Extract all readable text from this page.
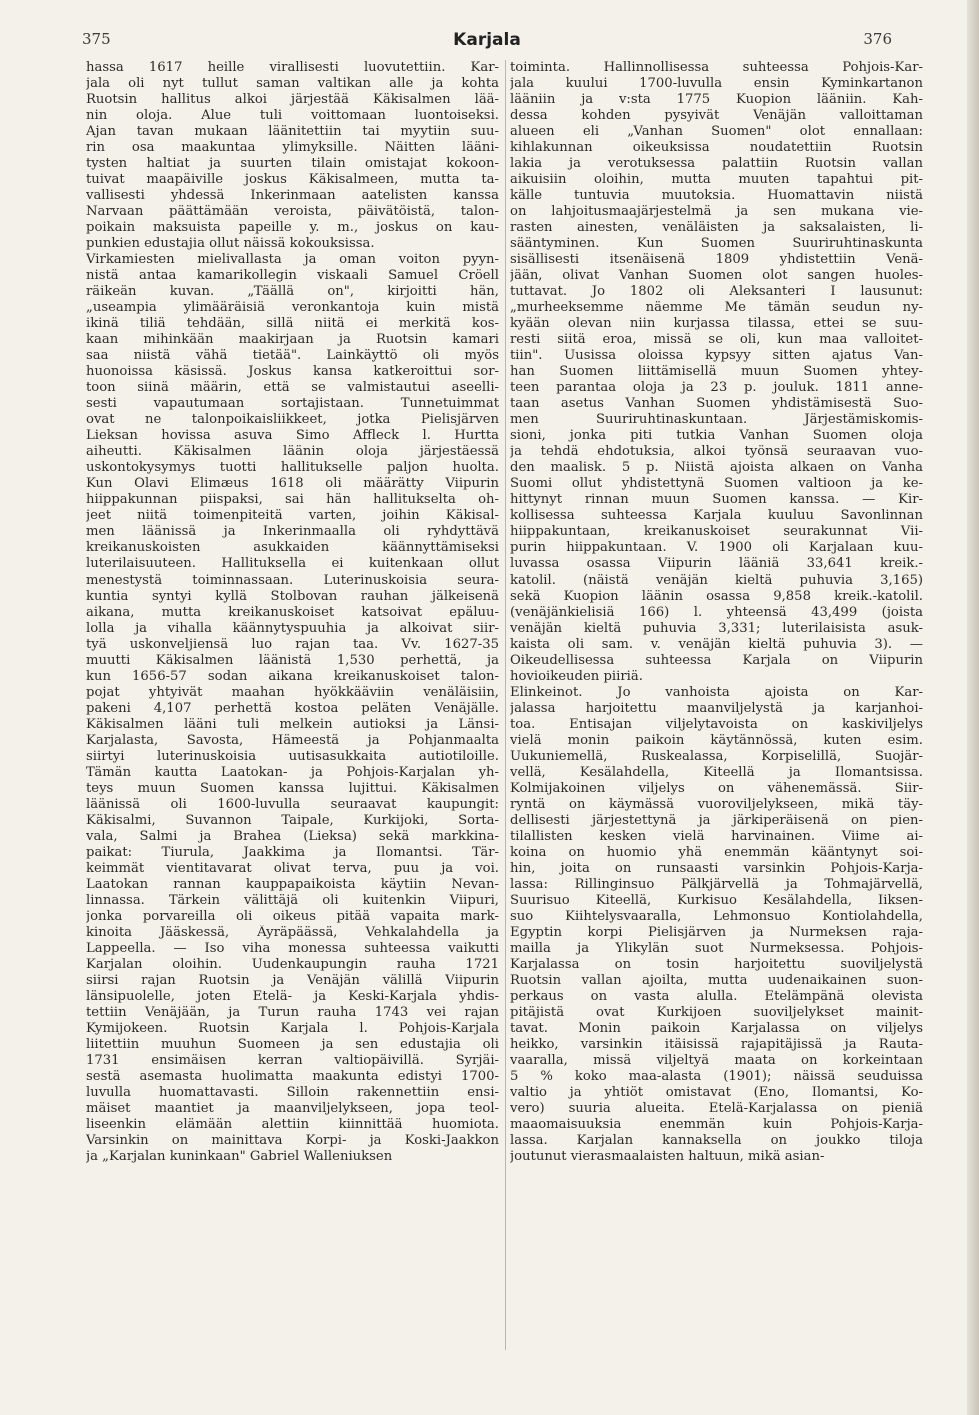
375	Karjala	376
hassa 1617 heille virallisesti luovutettiin. Kar-
jala oli nyt tullut saman valtikan alle ja kohta
Ruotsin hallitus alkoi järjestää Käkisalmen lää-
nin oloja. Alue tuli voittomaan luontoiseksi.
Ajan tavan mukaan läänitettiin tai myytiin suu-
rin osa maakuntaa ylimyksille. Näitten lääni-
tysten haltiat ja suurten tilain omistajat kokoon-
tuivat maapäiville joskus Käkisalmeen, mutta ta-
vallisesti yhdessä Inkerinmaan aatelisten kanssa
Narvaan päättämään veroista, päivätöistä, talon-
poikain maksuista papeille y. m., joskus on kau-
punkien edustajia ollut näissä kokouksissa.
Virkamiesten mielivallasta ja oman voiton pyyn-
nistä antaa kamarikollegin viskaali Samuel Cröell
räikeän kuvan. „Täällä on", kirjoitti hän,
„useampia ylimääräisiä veronkantoja kuin mistä
ikinä tiliä tehdään, sillä niitä ei merkitä kos-
kaan mihinkään maakirjaan ja Ruotsin kamari
saa niistä vähä tietää". Lainkäyttö oli myös
huonoissa käsissä. Joskus kansa katkeroittui sor-
toon siinä määrin, että se valmistautui aseelli-
sesti vapautumaan sortajistaan. Tunnetuimmat
ovat ne talonpoikaisliikkeet, jotka Pielisjärven
Lieksan hovissa asuva Simo Affleck l. Hurtta
aiheutti. Käkisalmen läänin oloja järjestäessä
uskontokysymys tuotti hallitukselle paljon huolta.
Kun Olavi Elimæus 1618 oli määrätty Viipurin
hiippakunnan piispaksi, sai hän hallitukselta oh-
jeet niitä toimenpiteitä varten, joihin Käkisal-
men läänissä ja Inkerinmaalla oli ryhdyttävä
kreikanuskoisten asukkaiden käännyttämiseksi
luterilaisuuteen. Hallituksella ei kuitenkaan ollut
menestystä toiminnassaan. Luterinuskoisia seura-
kuntia syntyi kyllä Stolbovan rauhan jälkeisenä
aikana, mutta kreikanuskoiset katsoivat epäluu-
lolla ja vihalla käännytyspuuhia ja alkoivat siir-
tyä uskonveljiensä luo rajan taa. Vv. 1627-35
muutti Käkisalmen läänistä 1,530 perhettä, ja
kun 1656-57 sodan aikana kreikanuskoiset talon-
pojat yhtyivät maahan hyökkääviin venäläisiin,
pakeni 4,107 perhettä kostoa peläten Venäjälle.
Käkisalmen lääni tuli melkein autioksi ja Länsi-
Karjalasta, Savosta, Hämeestä ja Pohjanmaalta
siirtyi luterinuskoisia uutisasukkaita autiotiloille.
Tämän kautta Laatokan- ja Pohjois-Karjalan yh-
teys muun Suomen kanssa lujittui. Käkisalmen
läänissä oli 1600-luvulla seuraavat kaupungit:
Käkisalmi, Suvannon Taipale, Kurkijoki, Sorta-
vala, Salmi ja Brahea (Lieksa) sekä markkina-
paikat: Tiurula, Jaakkima ja Ilomantsi. Tär-
keimmät vientitavarat olivat terva, puu ja voi.
Laatokan rannan kauppapaikoista käytiin Nevan-
linnassa. Tärkein välittäjä oli kuitenkin Viipuri,
jonka porvareilla oli oikeus pitää vapaita mark-
kinoita Jääskessä, Äyräpäässä, Vehkalahdella ja
Lappeella. — Iso viha monessa suhteessa vaikutti
Karjalan oloihin. Uudenkaupungin rauha 1721
siirsi rajan Ruotsin ja Venäjän välillä Viipurin
länsipuolelle, joten Etelä- ja Keski-Karjala yhdis-
tettiin Venäjään, ja Turun rauha 1743 vei rajan
Kymijokeen. Ruotsin Karjala l. Pohjois-Karjala
liitettiin muuhun Suomeen ja sen edustajia oli
1731 ensimäisen kerran valtiopäivillä. Syrjäi-
sestä asemasta huolimatta maakunta edistyi 1700-
luvulla huomattavasti. Silloin rakennettiin ensi-
mäiset maantiet ja maanviljelykseen, jopa teol-
liseenkin elämään alettiin kiinnittää huomiota.
Varsinkin on mainittava Korpi- ja Koski-Jaakkon
ja „Karjalan kuninkaan" Gabriel Walleniuksen
toiminta. Hallinnollisessa suhteessa Pohjois-Kar-
jala kuului 1700-luvulla ensin Kyminkartanon
lääniin ja v:sta 1775 Kuopion lääniin. Kah-
dessa kohden pysyivät Venäjän valloittaman
alueen eli „Vanhan Suomen" olot ennallaan:
kihlakunnan oikeuksissa noudatettiin Ruotsin
lakia ja verotuksessa palattiin Ruotsin vallan
aikuisiin oloihin, mutta muuten tapahtui pit-
källe tuntuvia muutoksia. Huomattavin niistä
on lahjoitusmaajärjestelmä ja sen mukana vie-
rasten ainesten, venäläisten ja saksalaisten, li-
sääntyminen. Kun Suomen Suuriruhtinaskunta
sisällisesti itsenäisenä 1809 yhdistettiin Venä-
jään, olivat Vanhan Suomen olot sangen huoles-
tuttavat. Jo 1802 oli Aleksanteri I lausunut:
„murheeksemme näemme Me tämän seudun ny-
kyään olevan niin kurjassa tilassa, ettei se suu-
resti siitä eroa, missä se oli, kun maa valloitet-
tiin". Uusissa oloissa kypsyy sitten ajatus Van-
han Suomen liittämisellä muun Suomen yhtey-
teen parantaa oloja ja 23 p. jouluk. 1811 anne-
taan asetus Vanhan Suomen yhdistämisestä Suo-
men Suuriruhtinaskuntaan. Järjestämiskomis-
sioni, jonka piti tutkia Vanhan Suomen oloja
ja tehdä ehdotuksia, alkoi työnsä seuraavan vuo-
den maalisk. 5 p. Niistä ajoista alkaen on Vanha
Suomi ollut yhdistettynä Suomen valtioon ja ke-
hittynyt rinnan muun Suomen kanssa. — Kir-
kollisessa suhteessa Karjala kuuluu Savonlinnan
hiippakuntaan, kreikanuskoiset seurakunnat Vii-
purin hiippakuntaan. V. 1900 oli Karjalaan kuu-
luvassa osassa Viipurin lääniä 33,641 kreik.-
katolil. (näistä venäjän kieltä puhuvia 3,165)
sekä Kuopion läänin osassa 9,858 kreik.-katolil.
(venäjänkielisiä 166) l. yhteensä 43,499 (joista
venäjän kieltä puhuvia 3,331; luterilaisista asuk-
kaista oli sam. v. venäjän kieltä puhuvia 3). —
Oikeudellisessa suhteessa Karjala on Viipurin
hovioikeuden piiriä.
Elinkeinot. Jo vanhoista ajoista on Kar-
jalassa harjoitettu maanviljelystä ja karjanhoi-
toa. Entisajan viljelytavoista on kaskiviljelys
vielä monin paikoin käytännössä, kuten esim.
Uukuniemellä, Ruskealassa, Korpiselillä, Suojär-
vellä, Kesälahdella, Kiteellä ja Ilomantsissa.
Kolmijakoinen viljelys on vähenemässä. Siir-
ryntä on käymässä vuoroviljelykseen, mikä täy-
dellisesti järjestettynä ja järkiperäisenä on pien-
tilallisten kesken vielä harvinainen. Viime ai-
koina on huomio yhä enemmän kääntynyt soi-
hin, joita on runsaasti varsinkin Pohjois-Karja-
lassa: Rillinginsuo Pälkjärvellä ja Tohmajärvellä,
Suurisuo Kiteellä, Kurkisuo Kesälahdella, Iiksen-
suo Kiihtelysvaaralla, Lehmonsuo Kontiolahdella,
Egyptin korpi Pielisjärven ja Nurmeksen raja-
mailla ja Ylikylän suot Nurmeksessa. Pohjois-
Karjalassa on tosin harjoitettu suoviljelystä
Ruotsin vallan ajoilta, mutta uudenaikainen suon-
perkaus on vasta alulla. Etelämpänä olevista
pitäjistä ovat Kurkijoen suoviljelykset mainit-
tavat. Monin paikoin Karjalassa on viljelys
heikko, varsinkin itäisissä rajapitäjissä ja Rauta-
vaaralla, missä viljeltyä maata on korkeintaan
5 % koko maa-alasta (1901); näissä seuduissa
valtio ja yhtiöt omistavat (Eno, Ilomantsi, Ko-
vero) suuria alueita. Etelä-Karjalassa on pieniä
maaomaisuuksia enemmän kuin Pohjois-Karja-
lassa. Karjalan kannaksella on joukko tiloja
joutunut vierasmaalaisten haltuun, mikä asian-
